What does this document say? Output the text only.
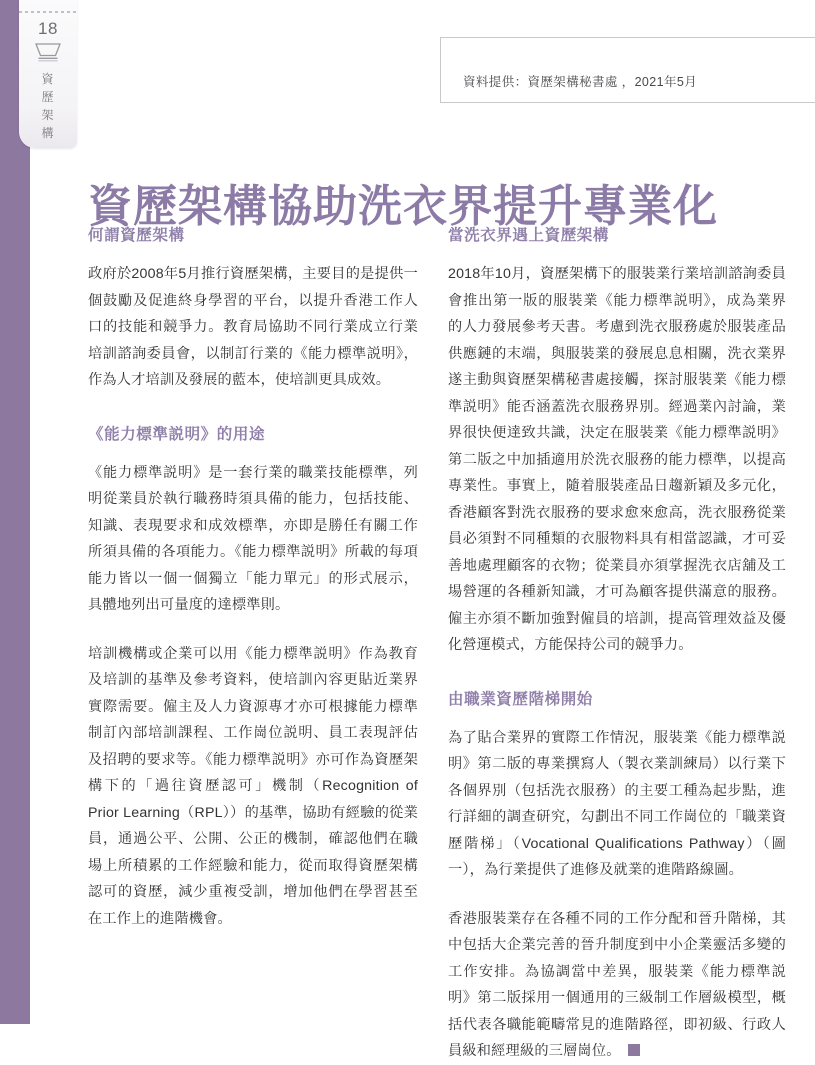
18
資
歷
架
構
資料提供：資歷架構秘書處 ，2021年5月
資歷架構協助洗衣界提升專業化
何謂資歷架構

政府於2008年5月推行資歷架構，主要目的是提供一個鼓勵及促進終身學習的平台，以提升香港工作人口的技能和競爭力。教育局協助不同行業成立行業培訓諮詢委員會，以制訂行業的《能力標準説明》，作為人才培訓及發展的藍本，使培訓更具成效。

《能力標準説明》的用途

《能力標準説明》是一套行業的職業技能標準，列明從業員於執行職務時須具備的能力，包括技能、知識、表現要求和成效標準，亦即是勝任有關工作所須具備的各項能力。《能力標準説明》所載的每項能力皆以一個一個獨立「能力單元」的形式展示，具體地列出可量度的達標準則。

培訓機構或企業可以用《能力標準説明》作為教育及培訓的基準及參考資料，使培訓內容更貼近業界實際需要。僱主及人力資源專才亦可根據能力標準制訂內部培訓課程、工作崗位説明、員工表現評估及招聘的要求等。《能力標準説明》亦可作為資歷架構下的「過往資歷認可」機制（Recognition of Prior Learning（RPL））的基準，協助有經驗的從業員，通過公平、公開、公正的機制，確認他們在職場上所積累的工作經驗和能力，從而取得資歷架構認可的資歷，減少重複受訓，增加他們在學習甚至在工作上的進階機會。

當洗衣界遇上資歷架構

2018年10月，資歷架構下的服裝業行業培訓諮詢委員會推出第一版的服裝業《能力標準説明》，成為業界的人力發展參考天書。考慮到洗衣服務處於服裝產品供應鏈的末端，與服裝業的發展息息相關，洗衣業界遂主動與資歷架構秘書處接觸，探討服裝業《能力標準説明》能否涵蓋洗衣服務界別。經過業內討論，業界很快便達致共識，決定在服裝業《能力標準説明》第二版之中加插適用於洗衣服務的能力標準，以提高專業性。事實上，隨着服裝產品日趨新穎及多元化，香港顧客對洗衣服務的要求愈來愈高，洗衣服務從業員必須對不同種類的衣服物料具有相當認識，才可妥善地處理顧客的衣物；從業員亦須掌握洗衣店舖及工場營運的各種新知識，才可為顧客提供滿意的服務。僱主亦須不斷加強對僱員的培訓，提高管理效益及優化營運模式，方能保持公司的競爭力。

由職業資歷階梯開始

為了貼合業界的實際工作情況，服裝業《能力標準説明》第二版的專業撰寫人（製衣業訓練局）以行業下各個界別（包括洗衣服務）的主要工種為起步點，進行詳細的調查研究，勾劃出不同工作崗位的「職業資歷階梯」（Vocational Qualifications Pathway）（圖一），為行業提供了進修及就業的進階路線圖。

香港服裝業存在各種不同的工作分配和晉升階梯，其中包括大企業完善的晉升制度到中小企業靈活多變的工作安排。為協調當中差異，服裝業《能力標準説明》第二版採用一個通用的三級制工作層級模型，概括代表各職能範疇常見的進階路徑，即初級、行政人員級和經理級的三層崗位。
